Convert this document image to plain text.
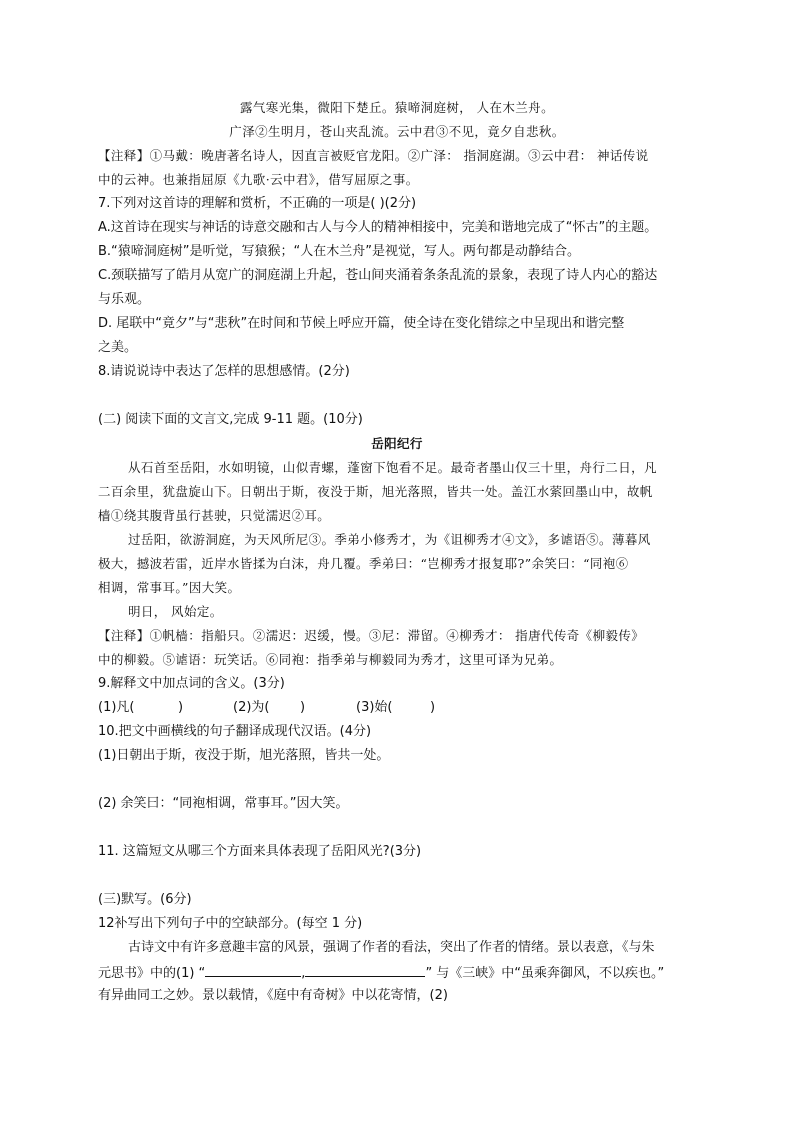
露气寒光集，微阳下楚丘。猿啼洞庭树， 人在木兰舟。
广泽②生明月，苍山夹乱流。云中君③不见，竟夕自悲秋。
【注释】①马戴：晚唐著名诗人，因直言被贬官龙阳。②广泽： 指洞庭湖。③云中君： 神话传说
中的云神。也兼指屈原《九歌·云中君》，借写屈原之事。
7.下列对这首诗的理解和赏析，不正确的一项是( )(2分)
A.这首诗在现实与神话的诗意交融和古人与今人的精神相接中，完美和谐地完成了“怀古”的主题。
B.“猿啼洞庭树”是听觉，写猿猴；“人在木兰舟”是视觉，写人。两句都是动静结合。
C.颈联描写了皓月从宽广的洞庭湖上升起，苍山间夹涌着条条乱流的景象，表现了诗人内心的豁达
与乐观。
D. 尾联中“竟夕”与“悲秋”在时间和节候上呼应开篇，使全诗在变化错综之中呈现出和谐完整
之美。
8.请说说诗中表达了怎样的思想感情。(2分)
(二) 阅读下面的文言文,完成 9-11 题。(10分)
岳阳纪行
从石首至岳阳，水如明镜，山似青螺，蓬窗下饱看不足。最奇者墨山仅三十里，舟行二日，凡
二百余里，犹盘旋山下。日朝出于斯，夜没于斯，旭光落照，皆共一处。盖江水萦回墨山中，故帆
樯①绕其腹背虽行甚驶，只觉濡迟②耳。
过岳阳，欲游洞庭，为天风所尼③。季弟小修秀才，为《诅柳秀才④文》，多谑语⑤。薄暮风
极大，撼波若雷，近岸水皆揉为白沫，舟几覆。季弟曰：“岂柳秀才报复耶?”余笑曰：“同袍⑥
相调，常事耳。”因大笑。
明日， 风始定。
【注释】①帆樯：指船只。②濡迟：迟缓，慢。③尼：滞留。④柳秀才： 指唐代传奇《柳毅传》
中的柳毅。⑤谑语：玩笑话。⑥同袍：指季弟与柳毅同为秀才，这里可译为兄弟。
9.解释文中加点词的含义。(3分)
(1)凡(	)	(2)为( )	(3)始(	)
10.把文中画横线的句子翻译成现代汉语。(4分)
(1)日朝出于斯，夜没于斯，旭光落照，皆共一处。
(2) 余笑曰：“同袍相调，常事耳。”因大笑。
11. 这篇短文从哪三个方面来具体表现了岳阳风光?(3分)
(三)默写。(6分)
12补写出下列句子中的空缺部分。(每空 1 分)
古诗文中有许多意趣丰富的风景，强调了作者的看法，突出了作者的情绪。景以表意，《与朱
元思书》中的(1) “	,	” 与《三峡》中“虽乘奔御风，不以疾也。”
有异曲同工之妙。景以载情，《庭中有奇树》中以花寄情，(2)
